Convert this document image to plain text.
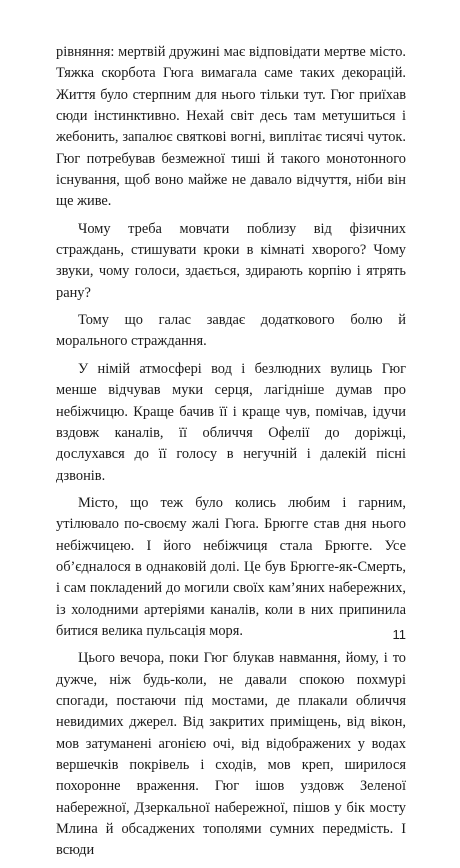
рівняння: мертвій дружині має відповідати мертве місто. Тяжка скорбота Гюга вимагала саме таких декорацій. Життя було стерпним для нього тільки тут. Гюг приїхав сюди інстинктивно. Нехай світ десь там метушиться і жебонить, запалює святкові вогні, виплітає тисячі чуток. Гюг потребував безмежної тиші й такого монотонного існування, щоб воно майже не давало відчуття, ніби він ще живе.

Чому треба мовчати поблизу від фізичних страждань, стишувати кроки в кімнаті хворого? Чому звуки, чому голоси, здається, здирають корпію і ятрять рану?

Тому що галас завдає додаткового болю й морального страждання.

У німій атмосфері вод і безлюдних вулиць Гюг менше відчував муки серця, лагідніше думав про небіжчицю. Краще бачив її і краще чув, помічав, ідучи вздовж каналів, її обличчя Офелії до доріжці, дослухався до її голосу в негучній і далекій пісні дзвонів.

Місто, що теж було колись любим і гарним, утілювало по-своєму жалі Гюга. Брюгге став дня нього небіжчицею. І його небіжчиця стала Брюгге. Усе об’єдналося в однаковій долі. Це був Брюгге-як-Смерть, і сам покладений до могили своїх кам’яних набережних, із холодними артеріями каналів, коли в них припинила битися велика пульсація моря.

Цього вечора, поки Гюг блукав навмання, йому, і то дужче, ніж будь-коли, не давали спокою похмурі спогади, постаючи під мостами, де плакали обличчя невидимих джерел. Від закритих приміщень, від вікон, мов затуманені агонією очі, від відображених у водах вершечків покрівель і сходів, мов креп, ширилося похоронне враження. Гюг ішов уздовж Зеленої набережної, Дзеркальної набережної, пішов у бік мосту Млина й обсаджених тополями сумних передмість. І всюди

11
